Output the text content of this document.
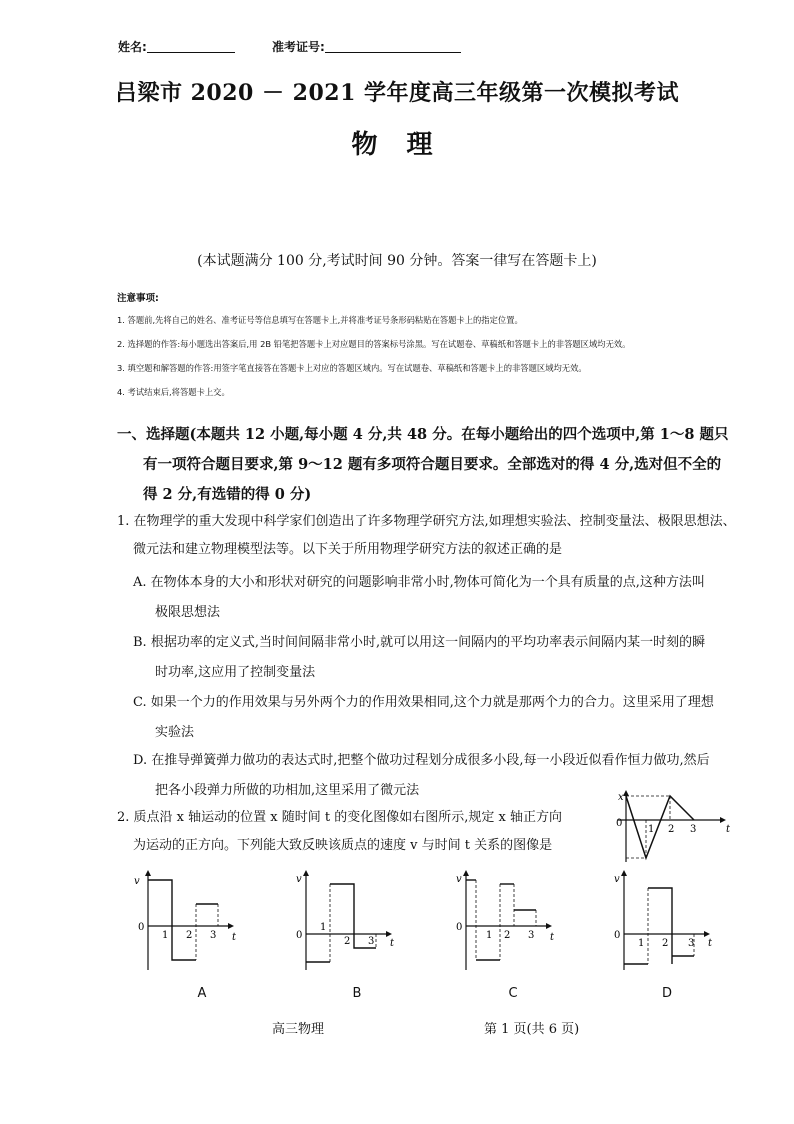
姓名:	准考证号:
吕梁市 2020 － 2021 学年度高三年级第一次模拟考试
物 理
(本试题满分 100 分,考试时间 90 分钟。答案一律写在答题卡上)
注意事项:
1. 答题前,先将自己的姓名、准考证号等信息填写在答题卡上,并将准考证号条形码粘贴在答题卡上的指定位置。
2. 选择题的作答:每小题选出答案后,用 2B 铅笔把答题卡上对应题目的答案标号涂黑。写在试题卷、草稿纸和答题卡上的非答题区域均无效。
3. 填空题和解答题的作答:用签字笔直接答在答题卡上对应的答题区域内。写在试题卷、草稿纸和答题卡上的非答题区域均无效。
4. 考试结束后,将答题卡上交。
一、选择题(本题共 12 小题,每小题 4 分,共 48 分。在每小题给出的四个选项中,第 1～8 题只
有一项符合题目要求,第 9～12 题有多项符合题目要求。全部选对的得 4 分,选对但不全的
得 2 分,有选错的得 0 分)
1. 在物理学的重大发现中科学家们创造出了许多物理学研究方法,如理想实验法、控制变量法、极限思想法、
微元法和建立物理模型法等。以下关于所用物理学研究方法的叙述正确的是
A. 在物体本身的大小和形状对研究的问题影响非常小时,物体可简化为一个具有质量的点,这种方法叫
极限思想法
B. 根据功率的定义式,当时间间隔非常小时,就可以用这一间隔内的平均功率表示间隔内某一时刻的瞬
时功率,这应用了控制变量法
C. 如果一个力的作用效果与另外两个力的作用效果相同,这个力就是那两个力的合力。这里采用了理想
实验法
D. 在推导弹簧弹力做功的表达式时,把整个做功过程划分成很多小段,每一小段近似看作恒力做功,然后
把各小段弹力所做的功相加,这里采用了微元法
2. 质点沿 x 轴运动的位置 x 随时间 t 的变化图像如右图所示,规定 x 轴正方向
为运动的正方向。下列能大致反映该质点的速度 v 与时间 t 关系的图像是
x
t
0
1 2 3
v
0
1 2 3 t
A
v
0
1
2 3 t
B
v
0
1 2 3 t
C
v
0
1 2 3 t
D
高三物理	第 1 页(共 6 页)
